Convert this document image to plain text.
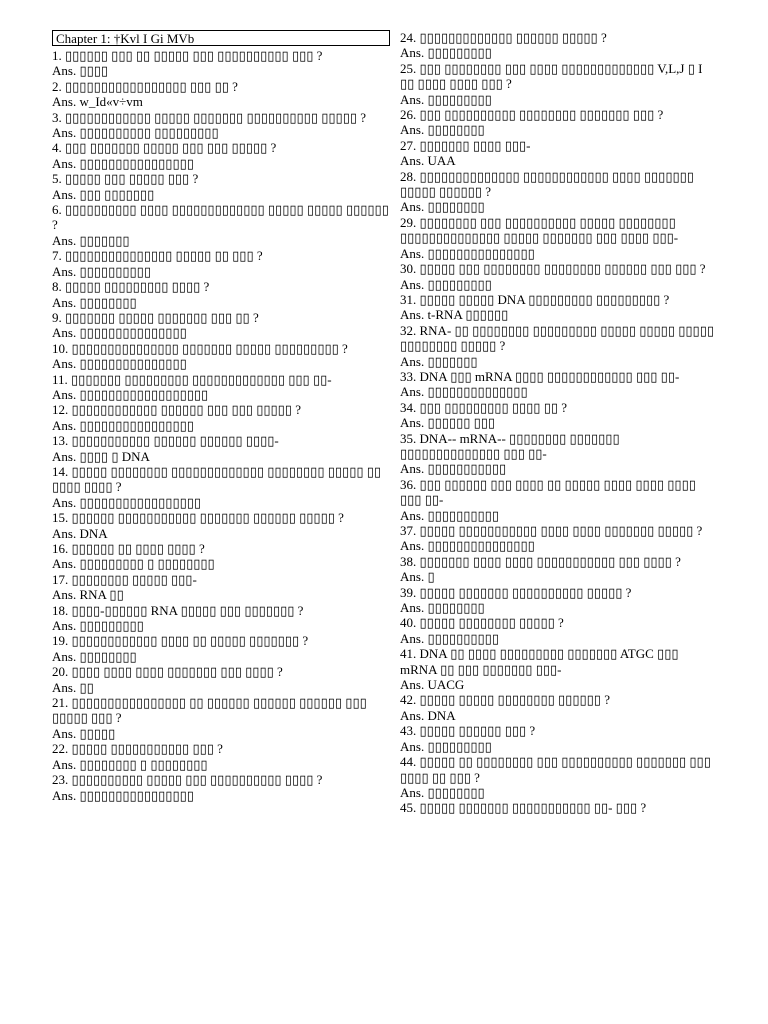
Chapter 1: †Kvl I Gi MVb

1. ▯▯▯▯▯▯ ▯▯▯ ▯▯ ▯▯▯▯▯ ▯▯▯ ▯▯▯▯▯▯▯▯▯▯ ▯▯▯ ?

Ans. ▯▯▯▯

2. ▯▯▯▯▯▯▯▯▯▯▯▯▯▯▯▯▯ ▯▯▯ ▯▯ ?

Ans. w_Id«v÷vm

3. ▯▯▯▯▯▯▯▯▯▯▯▯ ▯▯▯▯▯ ▯▯▯▯▯▯▯ ▯▯▯▯▯▯▯▯▯▯ ▯▯▯▯▯ ?

Ans. ▯▯▯▯▯▯▯▯▯▯ ▯▯▯▯▯▯▯▯▯

4. ▯▯▯ ▯▯▯▯▯▯▯ ▯▯▯▯▯ ▯▯▯ ▯▯▯ ▯▯▯▯▯ ?

Ans. ▯▯▯▯▯▯▯▯▯▯▯▯▯▯▯▯

5. ▯▯▯▯▯ ▯▯▯ ▯▯▯▯▯ ▯▯▯ ?

Ans. ▯▯▯ ▯▯▯▯▯▯▯

6. ▯▯▯▯▯▯▯▯▯▯ ▯▯▯▯ ▯▯▯▯▯▯▯▯▯▯▯▯▯ ▯▯▯▯▯ ▯▯▯▯▯ ▯▯▯▯▯▯ ?

Ans. ▯▯▯▯▯▯▯

7. ▯▯▯▯▯▯▯▯▯▯▯▯▯▯▯ ▯▯▯▯▯ ▯▯ ▯▯▯ ?

Ans. ▯▯▯▯▯▯▯▯▯▯

8. ▯▯▯▯▯ ▯▯▯▯▯▯▯▯▯ ▯▯▯▯ ?

Ans. ▯▯▯▯▯▯▯▯

9. ▯▯▯▯▯▯▯ ▯▯▯▯▯ ▯▯▯▯▯▯▯ ▯▯▯ ▯▯ ?

Ans. ▯▯▯▯▯▯▯▯▯▯▯▯▯▯▯

10. ▯▯▯▯▯▯▯▯▯▯▯▯▯▯▯ ▯▯▯▯▯▯▯ ▯▯▯▯▯ ▯▯▯▯▯▯▯▯▯ ?

Ans. ▯▯▯▯▯▯▯▯▯▯▯▯▯▯▯

11. ▯▯▯▯▯▯▯ ▯▯▯▯▯▯▯▯▯ ▯▯▯▯▯▯▯▯▯▯▯▯▯ ▯▯▯ ▯▯-

Ans. ▯▯▯▯▯▯▯▯▯▯▯▯▯▯▯▯▯▯

12. ▯▯▯▯▯▯▯▯▯▯▯▯ ▯▯▯▯▯▯ ▯▯▯ ▯▯▯ ▯▯▯▯▯ ?

Ans. ▯▯▯▯▯▯▯▯▯▯▯▯▯▯▯▯

13. ▯▯▯▯▯▯▯▯▯▯▯ ▯▯▯▯▯▯ ▯▯▯▯▯▯ ▯▯▯▯-

Ans. ▯▯▯▯ ▯ DNA

14. ▯▯▯▯▯ ▯▯▯▯▯▯▯▯ ▯▯▯▯▯▯▯▯▯▯▯▯▯ ▯▯▯▯▯▯▯▯ ▯▯▯▯▯ ▯▯ ▯▯▯▯ ▯▯▯▯ ?

Ans. ▯▯▯▯▯▯▯▯▯▯▯▯▯▯▯▯▯

15. ▯▯▯▯▯▯ ▯▯▯▯▯▯▯▯▯▯▯ ▯▯▯▯▯▯▯ ▯▯▯▯▯▯ ▯▯▯▯▯ ?

Ans. DNA

16. ▯▯▯▯▯▯ ▯▯ ▯▯▯▯ ▯▯▯▯ ?

Ans. ▯▯▯▯▯▯▯▯▯ ▯ ▯▯▯▯▯▯▯▯

17. ▯▯▯▯▯▯▯▯ ▯▯▯▯▯ ▯▯▯-

Ans. RNA ▯▯

18. ▯▯▯▯-▯▯▯▯▯▯ RNA ▯▯▯▯▯ ▯▯▯ ▯▯▯▯▯▯▯ ?

Ans. ▯▯▯▯▯▯▯▯▯

19. ▯▯▯▯▯▯▯▯▯▯▯▯ ▯▯▯▯ ▯▯ ▯▯▯▯▯ ▯▯▯▯▯▯▯ ?

Ans. ▯▯▯▯▯▯▯▯

20. ▯▯▯▯ ▯▯▯▯ ▯▯▯▯ ▯▯▯▯▯▯▯ ▯▯▯ ▯▯▯▯ ?

Ans. ▯▯

21. ▯▯▯▯▯▯▯▯▯▯▯▯▯▯▯▯ ▯▯ ▯▯▯▯▯▯ ▯▯▯▯▯▯ ▯▯▯▯▯▯ ▯▯▯ ▯▯▯▯▯ ▯▯▯ ?

Ans. ▯▯▯▯▯

22. ▯▯▯▯▯ ▯▯▯▯▯▯▯▯▯▯▯ ▯▯▯ ?

Ans. ▯▯▯▯▯▯▯▯ ▯ ▯▯▯▯▯▯▯▯

23. ▯▯▯▯▯▯▯▯▯▯ ▯▯▯▯▯ ▯▯▯ ▯▯▯▯▯▯▯▯▯▯ ▯▯▯▯ ?

Ans. ▯▯▯▯▯▯▯▯▯▯▯▯▯▯▯▯

24. ▯▯▯▯▯▯▯▯▯▯▯▯▯ ▯▯▯▯▯▯ ▯▯▯▯▯ ?

Ans. ▯▯▯▯▯▯▯▯▯

25. ▯▯▯ ▯▯▯▯▯▯▯▯ ▯▯▯ ▯▯▯▯ ▯▯▯▯▯▯▯▯▯▯▯▯▯ V,L,J ▯ I ▯▯ ▯▯▯▯ ▯▯▯▯ ▯▯▯ ?

Ans. ▯▯▯▯▯▯▯▯▯

26. ▯▯▯ ▯▯▯▯▯▯▯▯▯▯ ▯▯▯▯▯▯▯▯ ▯▯▯▯▯▯▯ ▯▯▯ ?

Ans. ▯▯▯▯▯▯▯▯

27. ▯▯▯▯▯▯▯ ▯▯▯▯ ▯▯▯-

Ans. UAA

28. ▯▯▯▯▯▯▯▯▯▯▯▯▯▯ ▯▯▯▯▯▯▯▯▯▯▯▯ ▯▯▯▯ ▯▯▯▯▯▯▯ ▯▯▯▯▯ ▯▯▯▯▯▯ ?

Ans. ▯▯▯▯▯▯▯▯

29. ▯▯▯▯▯▯▯▯ ▯▯▯ ▯▯▯▯▯▯▯▯▯▯ ▯▯▯▯▯ ▯▯▯▯▯▯▯▯ ▯▯▯▯▯▯▯▯▯▯▯▯▯▯ ▯▯▯▯▯ ▯▯▯▯▯▯▯ ▯▯▯ ▯▯▯▯ ▯▯▯-

Ans. ▯▯▯▯▯▯▯▯▯▯▯▯▯▯▯

30. ▯▯▯▯▯ ▯▯▯ ▯▯▯▯▯▯▯▯ ▯▯▯▯▯▯▯▯ ▯▯▯▯▯▯ ▯▯▯ ▯▯▯ ?

Ans. ▯▯▯▯▯▯▯▯▯

31. ▯▯▯▯▯ ▯▯▯▯▯ DNA ▯▯▯▯▯▯▯▯▯ ▯▯▯▯▯▯▯▯▯ ?

Ans. t-RNA ▯▯▯▯▯▯

32. RNA- ▯▯ ▯▯▯▯▯▯▯▯ ▯▯▯▯▯▯▯▯▯ ▯▯▯▯▯ ▯▯▯▯▯ ▯▯▯▯▯ ▯▯▯▯▯▯▯▯ ▯▯▯▯▯ ?

Ans. ▯▯▯▯▯▯▯

33. DNA ▯▯▯ mRNA ▯▯▯▯ ▯▯▯▯▯▯▯▯▯▯▯▯ ▯▯▯ ▯▯-

Ans. ▯▯▯▯▯▯▯▯▯▯▯▯▯▯

34. ▯▯▯ ▯▯▯▯▯▯▯▯▯ ▯▯▯▯ ▯▯ ?

Ans. ▯▯▯▯▯▯ ▯▯▯

35. DNA-- mRNA-- ▯▯▯▯▯▯▯▯ ▯▯▯▯▯▯▯ ▯▯▯▯▯▯▯▯▯▯▯▯▯▯ ▯▯▯ ▯▯-

Ans. ▯▯▯▯▯▯▯▯▯▯▯

36. ▯▯▯ ▯▯▯▯▯▯ ▯▯▯ ▯▯▯▯ ▯▯ ▯▯▯▯▯ ▯▯▯▯ ▯▯▯▯ ▯▯▯▯ ▯▯▯ ▯▯-

Ans. ▯▯▯▯▯▯▯▯▯▯

37. ▯▯▯▯▯ ▯▯▯▯▯▯▯▯▯▯▯ ▯▯▯▯ ▯▯▯▯ ▯▯▯▯▯▯▯ ▯▯▯▯▯ ?

Ans. ▯▯▯▯▯▯▯▯▯▯▯▯▯▯▯

38. ▯▯▯▯▯▯▯ ▯▯▯▯ ▯▯▯▯ ▯▯▯▯▯▯▯▯▯▯▯ ▯▯▯ ▯▯▯▯ ?

Ans. ▯

39. ▯▯▯▯▯ ▯▯▯▯▯▯▯ ▯▯▯▯▯▯▯▯▯▯ ▯▯▯▯▯ ?

Ans. ▯▯▯▯▯▯▯▯

40. ▯▯▯▯▯ ▯▯▯▯▯▯▯▯ ▯▯▯▯▯ ?

Ans. ▯▯▯▯▯▯▯▯▯▯

41. DNA ▯▯ ▯▯▯▯ ▯▯▯▯▯▯▯▯▯ ▯▯▯▯▯▯▯ ATGC ▯▯▯ mRNA ▯▯ ▯▯▯ ▯▯▯▯▯▯▯ ▯▯▯-

Ans. UACG

42. ▯▯▯▯▯ ▯▯▯▯▯ ▯▯▯▯▯▯▯▯ ▯▯▯▯▯▯ ?

Ans. DNA

43. ▯▯▯▯▯ ▯▯▯▯▯▯ ▯▯▯ ?

Ans. ▯▯▯▯▯▯▯▯▯

44. ▯▯▯▯▯ ▯▯ ▯▯▯▯▯▯▯▯ ▯▯▯ ▯▯▯▯▯▯▯▯▯▯ ▯▯▯▯▯▯▯ ▯▯▯ ▯▯▯▯ ▯▯ ▯▯▯ ?

Ans. ▯▯▯▯▯▯▯▯

45. ▯▯▯▯▯ ▯▯▯▯▯▯▯ ▯▯▯▯▯▯▯▯▯▯▯ ▯▯- ▯▯▯ ?
